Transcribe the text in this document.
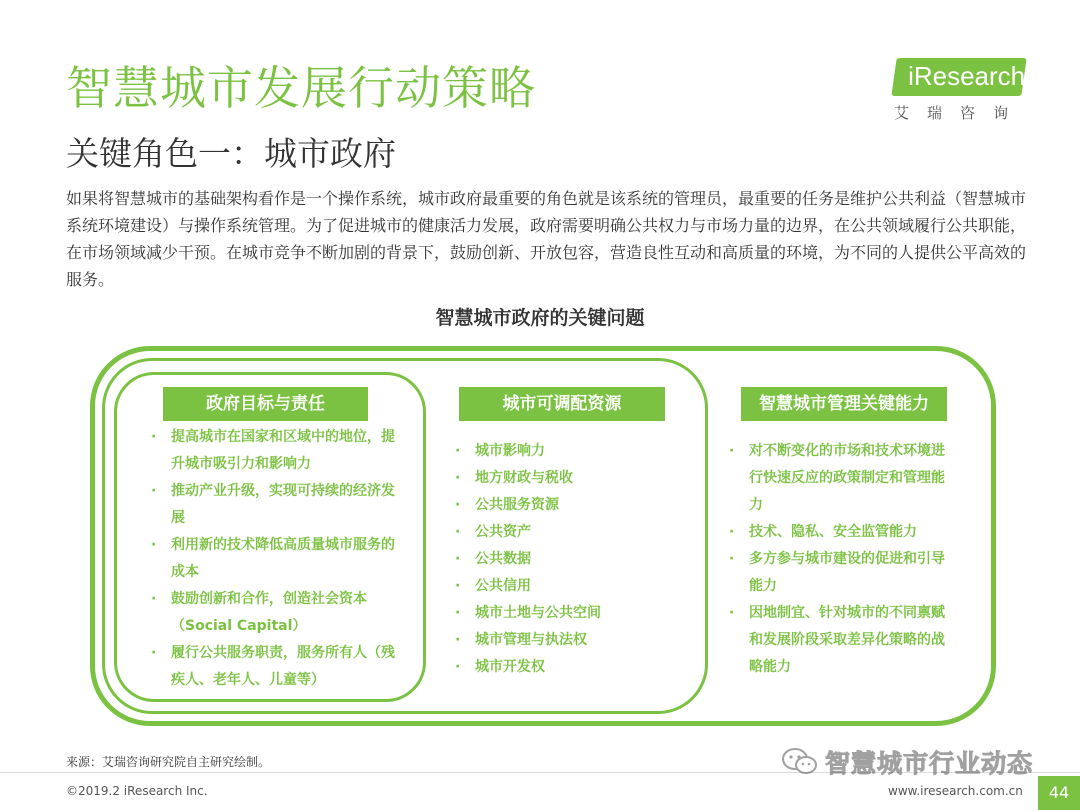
智慧城市发展行动策略
关键角色一：城市政府
iResearch
艾瑞咨询
如果将智慧城市的基础架构看作是一个操作系统，城市政府最重要的角色就是该系统的管理员，最重要的任务是维护公共利益（智慧城市系统环境建设）与操作系统管理。为了促进城市的健康活力发展，政府需要明确公共权力与市场力量的边界，在公共领域履行公共职能，在市场领域减少干预。在城市竞争不断加剧的背景下，鼓励创新、开放包容，营造良性互动和高质量的环境，为不同的人提供公平高效的服务。
智慧城市政府的关键问题
政府目标与责任	城市可调配资源	智慧城市管理关键能力
· 提高城市在国家和区域中的地位，提升城市吸引力和影响力
· 推动产业升级，实现可持续的经济发展
· 利用新的技术降低高质量城市服务的成本
· 鼓励创新和合作，创造社会资本（Social Capital）
· 履行公共服务职责，服务所有人（残疾人、老年人、儿童等）
· 城市影响力
· 地方财政与税收
· 公共服务资源
· 公共资产
· 公共数据
· 公共信用
· 城市土地与公共空间
· 城市管理与执法权
· 城市开发权
· 对不断变化的市场和技术环境进行快速反应的政策制定和管理能力
· 技术、隐私、安全监管能力
· 多方参与城市建设的促进和引导能力
· 因地制宜、针对城市的不同禀赋和发展阶段采取差异化策略的战略能力
来源：艾瑞咨询研究院自主研究绘制。
©2019.2 iResearch Inc.	www.iresearch.com.cn	44
智慧城市行业动态
